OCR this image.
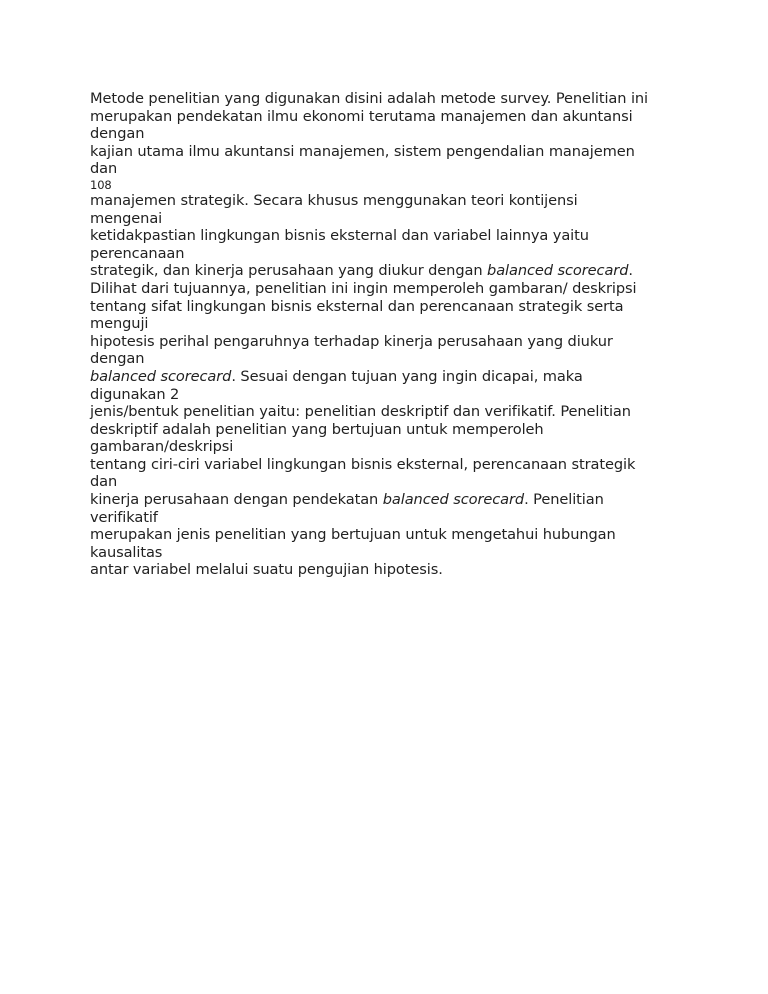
Metode penelitian yang digunakan disini adalah metode survey. Penelitian ini
merupakan pendekatan ilmu ekonomi terutama manajemen dan akuntansi
dengan
kajian utama ilmu akuntansi manajemen, sistem pengendalian manajemen
dan
108
manajemen strategik. Secara khusus menggunakan teori kontijensi
mengenai
ketidakpastian lingkungan bisnis eksternal dan variabel lainnya yaitu
perencanaan
strategik, dan kinerja perusahaan yang diukur dengan balanced scorecard.
Dilihat dari tujuannya, penelitian ini ingin memperoleh gambaran/ deskripsi
tentang sifat lingkungan bisnis eksternal dan perencanaan strategik serta
menguji
hipotesis perihal pengaruhnya terhadap kinerja perusahaan yang diukur
dengan
balanced scorecard. Sesuai dengan tujuan yang ingin dicapai, maka
digunakan 2
jenis/bentuk penelitian yaitu: penelitian deskriptif dan verifikatif. Penelitian
deskriptif adalah penelitian yang bertujuan untuk memperoleh
gambaran/deskripsi
tentang ciri-ciri variabel lingkungan bisnis eksternal, perencanaan strategik
dan
kinerja perusahaan dengan pendekatan balanced scorecard. Penelitian
verifikatif
merupakan jenis penelitian yang bertujuan untuk mengetahui hubungan
kausalitas
antar variabel melalui suatu pengujian hipotesis.
